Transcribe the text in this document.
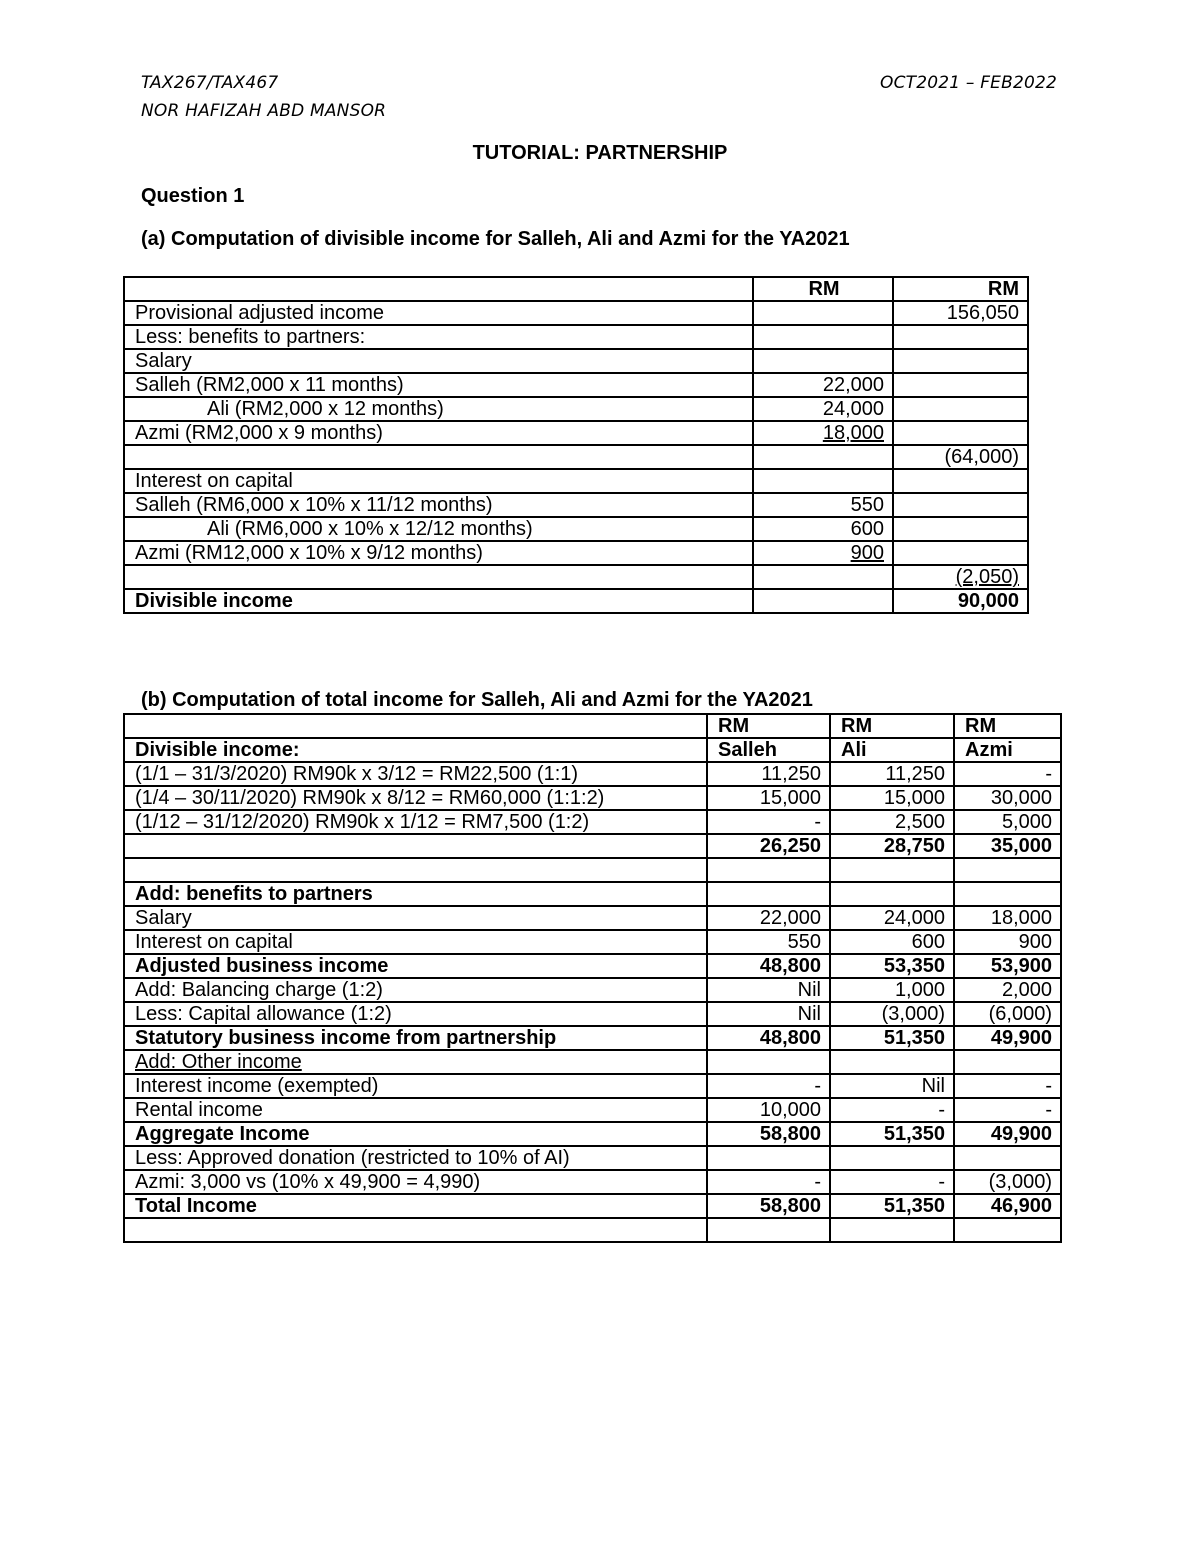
TAX267/TAX467
NOR HAFIZAH ABD MANSOR
OCT2021 – FEB2022
TUTORIAL: PARTNERSHIP
Question 1
(a) Computation of divisible income for Salleh, Ali and Azmi for the YA2021
	RM	RM
Provisional adjusted income		156,050
Less: benefits to partners:		
Salary		
Salleh (RM2,000 x 11 months)	22,000	
Ali (RM2,000 x 12 months)	24,000	
Azmi (RM2,000 x 9 months)	18,000	
		(64,000)
Interest on capital		
Salleh (RM6,000 x 10% x 11/12 months)	550	
Ali (RM6,000 x 10% x 12/12 months)	600	
Azmi (RM12,000 x 10% x 9/12 months)	900	
		(2,050)
Divisible income		90,000
(b) Computation of total income for Salleh, Ali and Azmi for the YA2021
	RM	RM	RM
Divisible income:	Salleh	Ali	Azmi
(1/1 – 31/3/2020) RM90k x 3/12 = RM22,500 (1:1)	11,250	11,250	-
(1/4 – 30/11/2020) RM90k x 8/12 = RM60,000 (1:1:2)	15,000	15,000	30,000
(1/12 – 31/12/2020) RM90k x 1/12 = RM7,500 (1:2)	-	2,500	5,000
	26,250	28,750	35,000

Add: benefits to partners			
Salary	22,000	24,000	18,000
Interest on capital	550	600	900
Adjusted business income	48,800	53,350	53,900
Add: Balancing charge (1:2)	Nil	1,000	2,000
Less: Capital allowance (1:2)	Nil	(3,000)	(6,000)
Statutory business income from partnership	48,800	51,350	49,900
Add: Other income			
Interest income (exempted)	-	Nil	-
Rental income	10,000	-	-
Aggregate Income	58,800	51,350	49,900
Less: Approved donation (restricted to 10% of AI)			
Azmi: 3,000 vs (10% x 49,900 = 4,990)	-	-	(3,000)
Total Income	58,800	51,350	46,900
